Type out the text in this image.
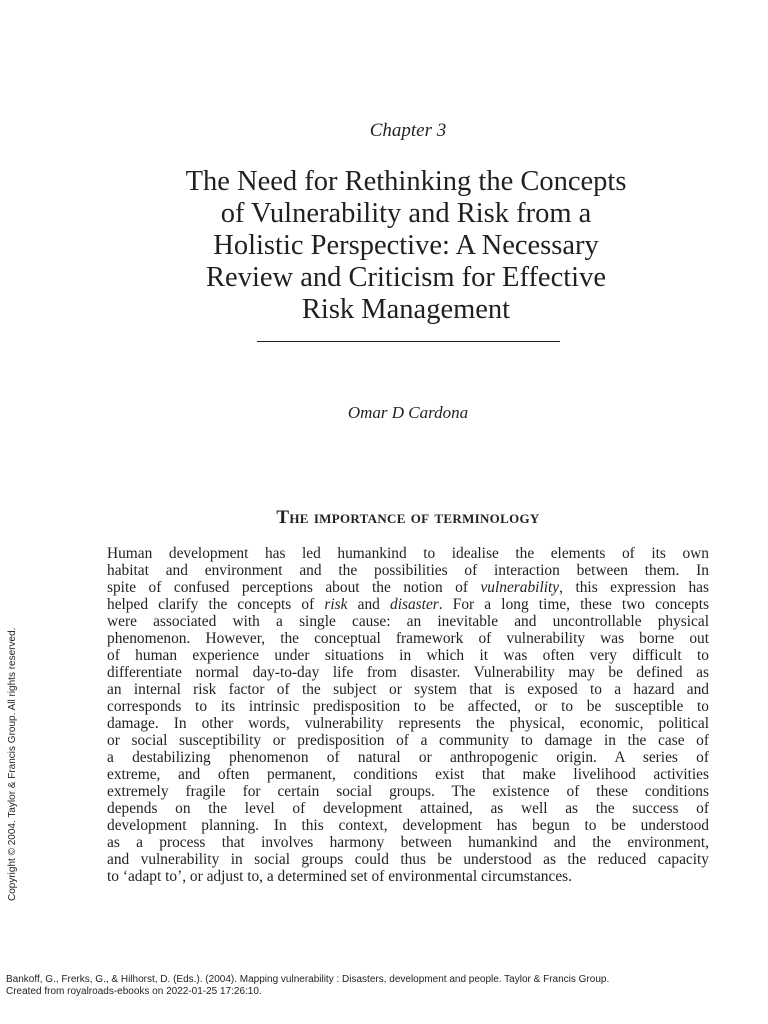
Chapter 3
The Need for Rethinking the Concepts
of Vulnerability and Risk from a
Holistic Perspective: A Necessary
Review and Criticism for Effective
Risk Management
Omar D Cardona
The importance of terminology
Human development has led humankind to idealise the elements of its own
habitat and environment and the possibilities of interaction between them. In
spite of confused perceptions about the notion of vulnerability, this expression has
helped clarify the concepts of risk and disaster. For a long time, these two concepts
were associated with a single cause: an inevitable and uncontrollable physical
phenomenon. However, the conceptual framework of vulnerability was borne out
of human experience under situations in which it was often very difficult to
differentiate normal day-to-day life from disaster. Vulnerability may be defined as
an internal risk factor of the subject or system that is exposed to a hazard and
corresponds to its intrinsic predisposition to be affected, or to be susceptible to
damage. In other words, vulnerability represents the physical, economic, political
or social susceptibility or predisposition of a community to damage in the case of
a destabilizing phenomenon of natural or anthropogenic origin. A series of
extreme, and often permanent, conditions exist that make livelihood activities
extremely fragile for certain social groups. The existence of these conditions
depends on the level of development attained, as well as the success of
development planning. In this context, development has begun to be understood
as a process that involves harmony between humankind and the environment,
and vulnerability in social groups could thus be understood as the reduced capacity
to ‘adapt to’, or adjust to, a determined set of environmental circumstances.
Copyright © 2004. Taylor & Francis Group. All rights reserved.
Bankoff, G., Frerks, G., & Hilhorst, D. (Eds.). (2004). Mapping vulnerability : Disasters, development and people. Taylor & Francis Group.
Created from royalroads-ebooks on 2022-01-25 17:26:10.
